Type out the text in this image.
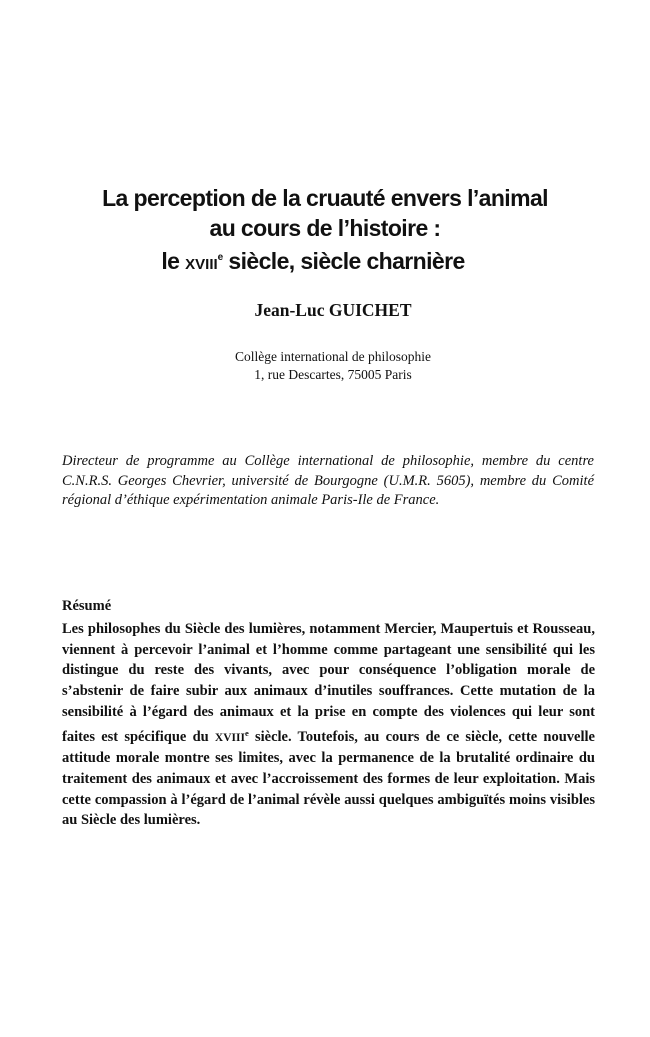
La perception de la cruauté envers l’animal
au cours de l’histoire :
le XVIIIe siècle, siècle charnière
Jean-Luc GUICHET
Collège international de philosophie
1, rue Descartes, 75005 Paris

Directeur de programme au Collège international de philosophie, membre du centre C.N.R.S. Georges Chevrier, université de Bourgogne (U.M.R. 5605), membre du Comité régional d’éthique expérimentation animale Paris-Ile de France.

Résumé

Les philosophes du Siècle des lumières, notamment Mercier, Maupertuis et Rousseau, viennent à percevoir l’animal et l’homme comme partageant une sensibilité qui les distingue du reste des vivants, avec pour conséquence l’obligation morale de s’abstenir de faire subir aux animaux d’inutiles souffrances. Cette mutation de la sensibilité à l’égard des animaux et la prise en compte des violences qui leur sont faites est spécifique du XVIIIe siècle. Toutefois, au cours de ce siècle, cette nouvelle attitude morale montre ses limites, avec la permanence de la brutalité ordinaire du traitement des animaux et avec l’accroissement des formes de leur exploitation. Mais cette compassion à l’égard de l’animal révèle aussi quelques ambiguïtés moins visibles au Siècle des lumières.
